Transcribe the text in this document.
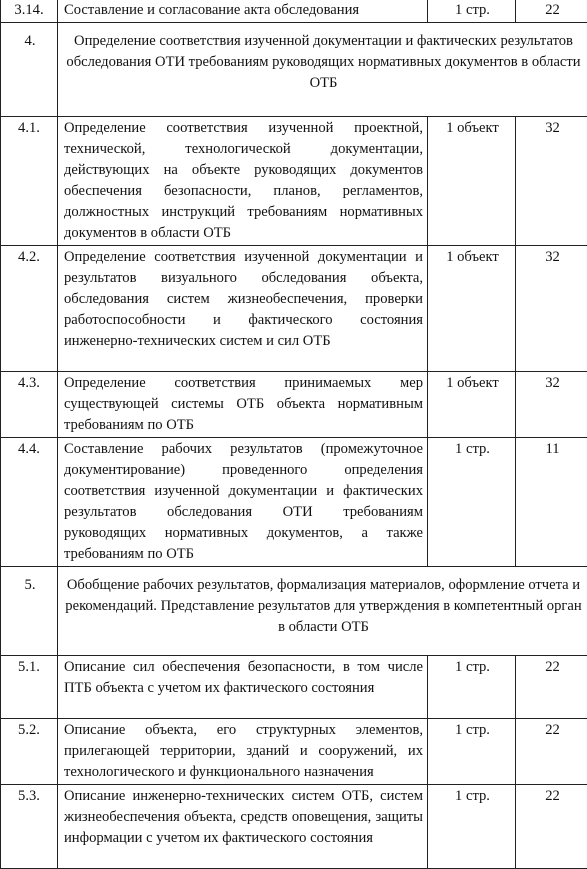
3.14.	Составление и согласование акта обследования	1 стр.	22
4.	Определение соответствия изученной документации и фактических результатов обследования ОТИ требованиям руководящих нормативных документов в области ОТБ		
4.1.	Определение соответствия изученной проектной, технической, технологической документации, действующих на объекте руководящих документов обеспечения безопасности, планов, регламентов, должностных инструкций требованиям нормативных документов в области ОТБ	1 объект	32
4.2.	Определение соответствия изученной документации и результатов визуального обследования объекта, обследования систем жизнеобеспечения, проверки работоспособности и фактического состояния инженерно-технических систем и сил ОТБ	1 объект	32
4.3.	Определение соответствия принимаемых мер существующей системы ОТБ объекта нормативным требованиям по ОТБ	1 объект	32
4.4.	Составление рабочих результатов (промежуточное документирование) проведенного определения соответствия изученной документации и фактических результатов обследования ОТИ требованиям руководящих нормативных документов, а также требованиям по ОТБ	1 стр.	11
5.	Обобщение рабочих результатов, формализация материалов, оформление отчета и рекомендаций. Представление результатов для утверждения в компетентный орган в области ОТБ		
5.1.	Описание сил обеспечения безопасности, в том числе ПТБ объекта с учетом их фактического состояния	1 стр.	22
5.2.	Описание объекта, его структурных элементов, прилегающей территории, зданий и сооружений, их технологического и функционального назначения	1 стр.	22
5.3.	Описание инженерно-технических систем ОТБ, систем жизнеобеспечения объекта, средств оповещения, защиты информации с учетом их фактического состояния	1 стр.	22
